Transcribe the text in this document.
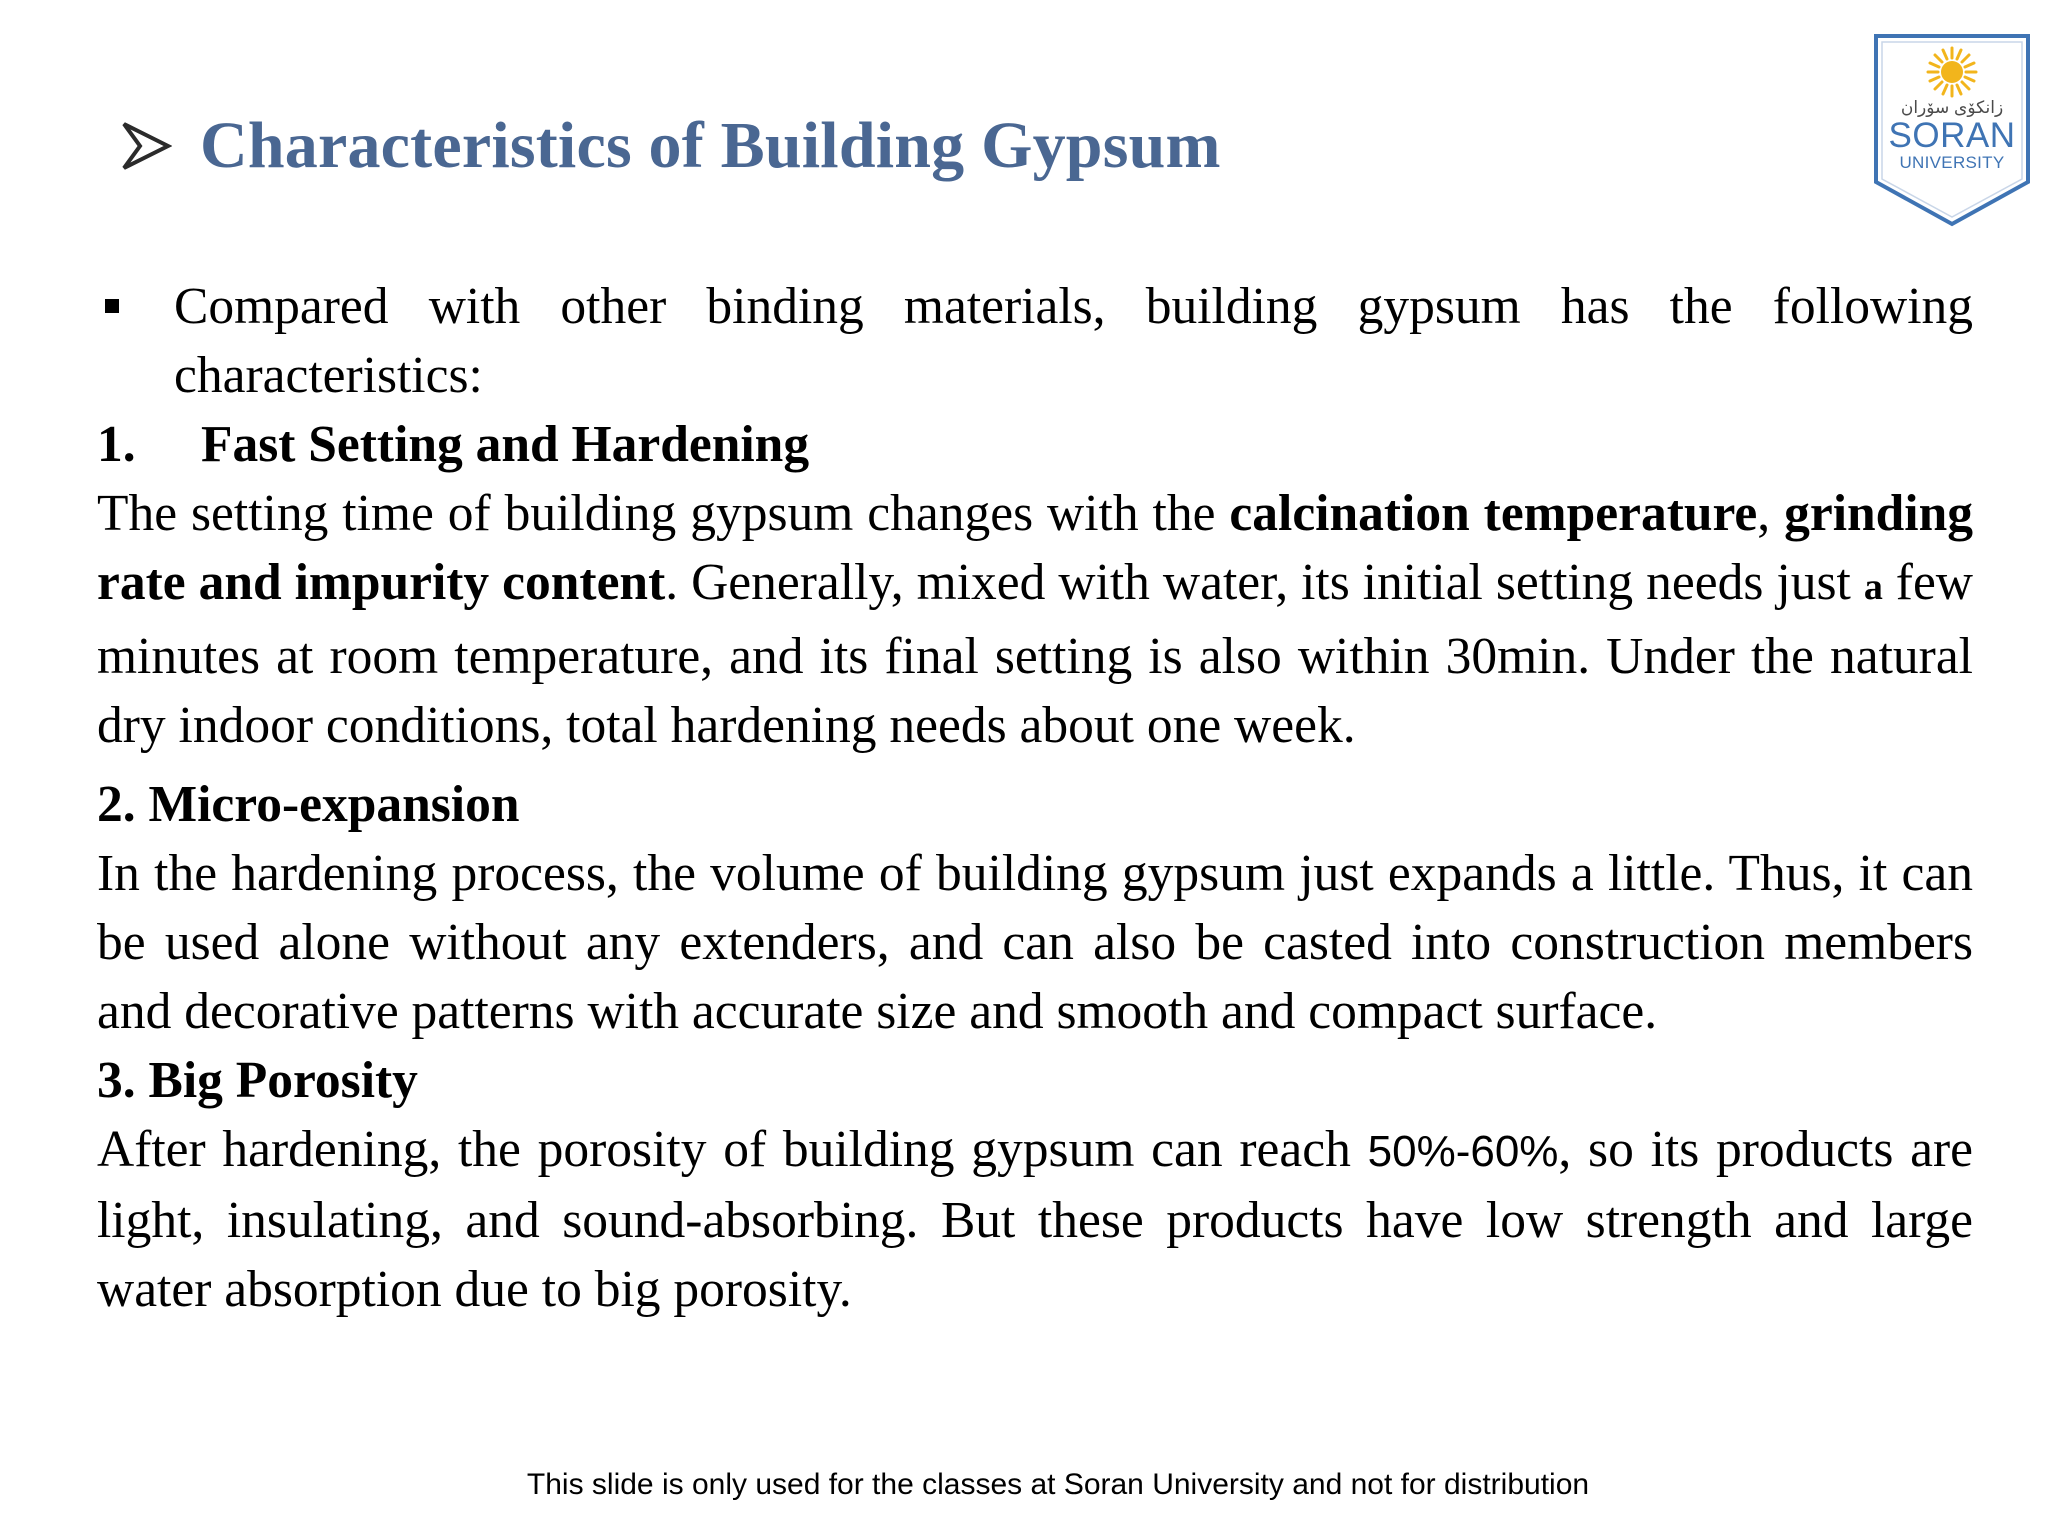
Characteristics of Building Gypsum
زانکۆی سۆران
SORAN
UNIVERSITY
Compared with other binding materials, building gypsum has the following characteristics:
1. Fast Setting and Hardening

The setting time of building gypsum changes with the calcination temperature, grinding rate and impurity content. Generally, mixed with water, its initial setting needs just a few minutes at room temperature, and its final setting is also within 30min. Under the natural dry indoor conditions, total hardening needs about one week.

2. Micro-expansion

In the hardening process, the volume of building gypsum just expands a little. Thus, it can be used alone without any extenders, and can also be casted into construction members and decorative patterns with accurate size and smooth and compact surface.

3. Big Porosity

After hardening, the porosity of building gypsum can reach 50%-60%, so its products are light, insulating, and sound-absorbing. But these products have low strength and large water absorption due to big porosity.

This slide is only used for the classes at Soran University and not for distribution
